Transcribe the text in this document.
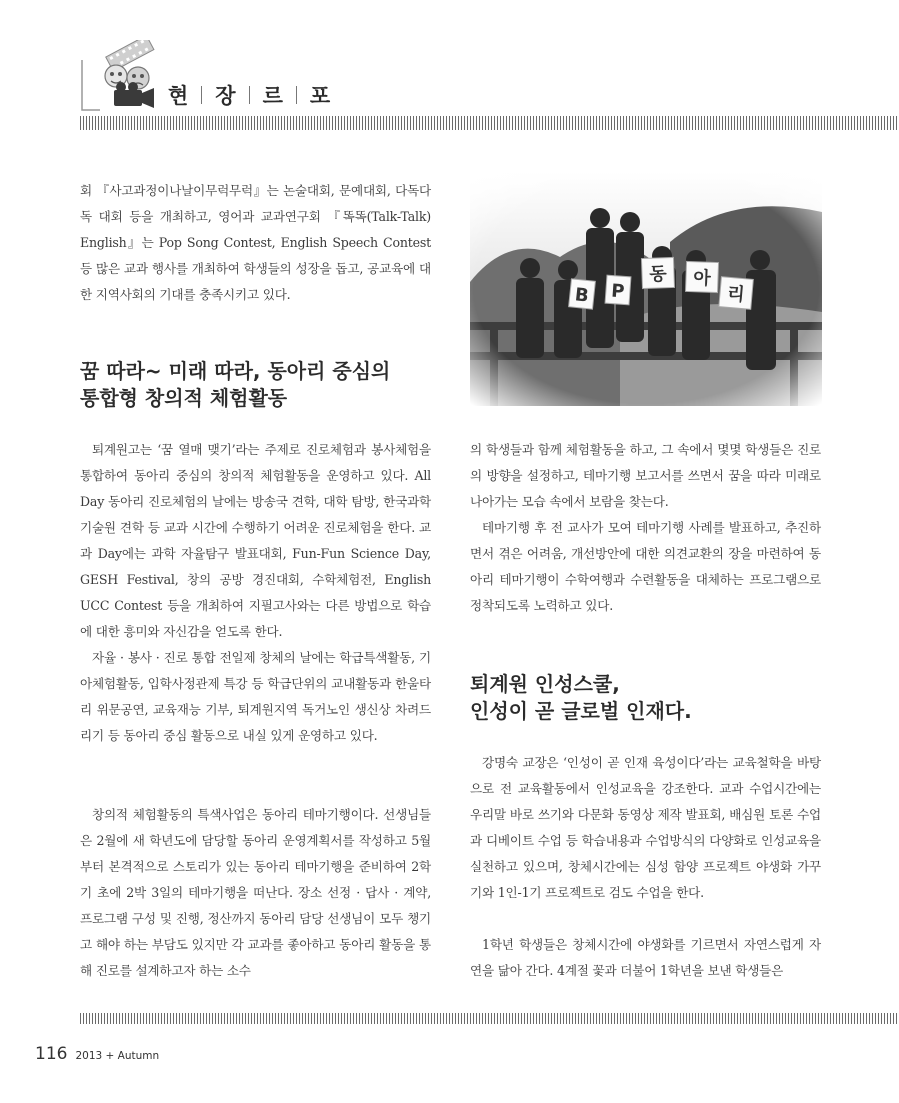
현 장 르 포

회 『사고과정이나날이무럭무럭』는 논술대회, 문예대회, 다독다독 대회 등을 개최하고, 영어과 교과연구회 『똑똑(Talk-Talk) English』는 Pop Song Contest, English Speech Contest 등 많은 교과 행사를 개최하여 학생들의 성장을 돕고, 공교육에 대한 지역사회의 기대를 충족시키고 있다.

꿈 따라~ 미래 따라, 동아리 중심의
통합형 창의적 체험활동

퇴계원고는 ‘꿈 열매 맺기’라는 주제로 진로체험과 봉사체험을 통합하여 동아리 중심의 창의적 체험활동을 운영하고 있다. All Day 동아리 진로체험의 날에는 방송국 견학, 대학 탐방, 한국과학기술원 견학 등 교과 시간에 수행하기 어려운 진로체험을 한다. 교과 Day에는 과학 자율탐구 발표대회, Fun-Fun Science Day, GESH Festival, 창의 공방 경진대회, 수학체험전, English UCC Contest 등을 개최하여 지필고사와는 다른 방법으로 학습에 대한 흥미와 자신감을 얻도록 한다.

자율 · 봉사 · 진로 통합 전일제 창체의 날에는 학급특색활동, 기아체험활동, 입학사정관제 특강 등 학급단위의 교내활동과 한울타리 위문공연, 교육재능 기부, 퇴계원지역 독거노인 생신상 차려드리기 등 동아리 중심 활동으로 내실 있게 운영하고 있다.

창의적 체험활동의 특색사업은 동아리 테마기행이다. 선생님들은 2월에 새 학년도에 담당할 동아리 운영계획서를 작성하고 5월부터 본격적으로 스토리가 있는 동아리 테마기행을 준비하여 2학기 초에 2박 3일의 테마기행을 떠난다. 장소 선정 · 답사 · 계약, 프로그램 구성 및 진행, 정산까지 동아리 담당 선생님이 모두 챙기고 해야 하는 부담도 있지만 각 교과를 좋아하고 동아리 활동을 통해 진로를 설계하고자 하는 소수

의 학생들과 함께 체험활동을 하고, 그 속에서 몇몇 학생들은 진로의 방향을 설정하고, 테마기행 보고서를 쓰면서 꿈을 따라 미래로 나아가는 모습 속에서 보람을 찾는다.

테마기행 후 전 교사가 모여 테마기행 사례를 발표하고, 추진하면서 겪은 어려움, 개선방안에 대한 의견교환의 장을 마련하여 동아리 테마기행이 수학여행과 수련활동을 대체하는 프로그램으로 정착되도록 노력하고 있다.

퇴계원 인성스쿨,
인성이 곧 글로벌 인재다.

강명숙 교장은 ‘인성이 곧 인재 육성이다’라는 교육철학을 바탕으로 전 교육활동에서 인성교육을 강조한다. 교과 수업시간에는 우리말 바로 쓰기와 다문화 동영상 제작 발표회, 배심원 토론 수업과 디베이트 수업 등 학습내용과 수업방식의 다양화로 인성교육을 실천하고 있으며, 창체시간에는 심성 함양 프로젝트 야생화 가꾸기와 1인-1기 프로젝트로 검도 수업을 한다.

1학년 학생들은 창체시간에 야생화를 기르면서 자연스럽게 자연을 닮아 간다. 4계절 꽃과 더불어 1학년을 보낸 학생들은

116 2013 + Autumn
